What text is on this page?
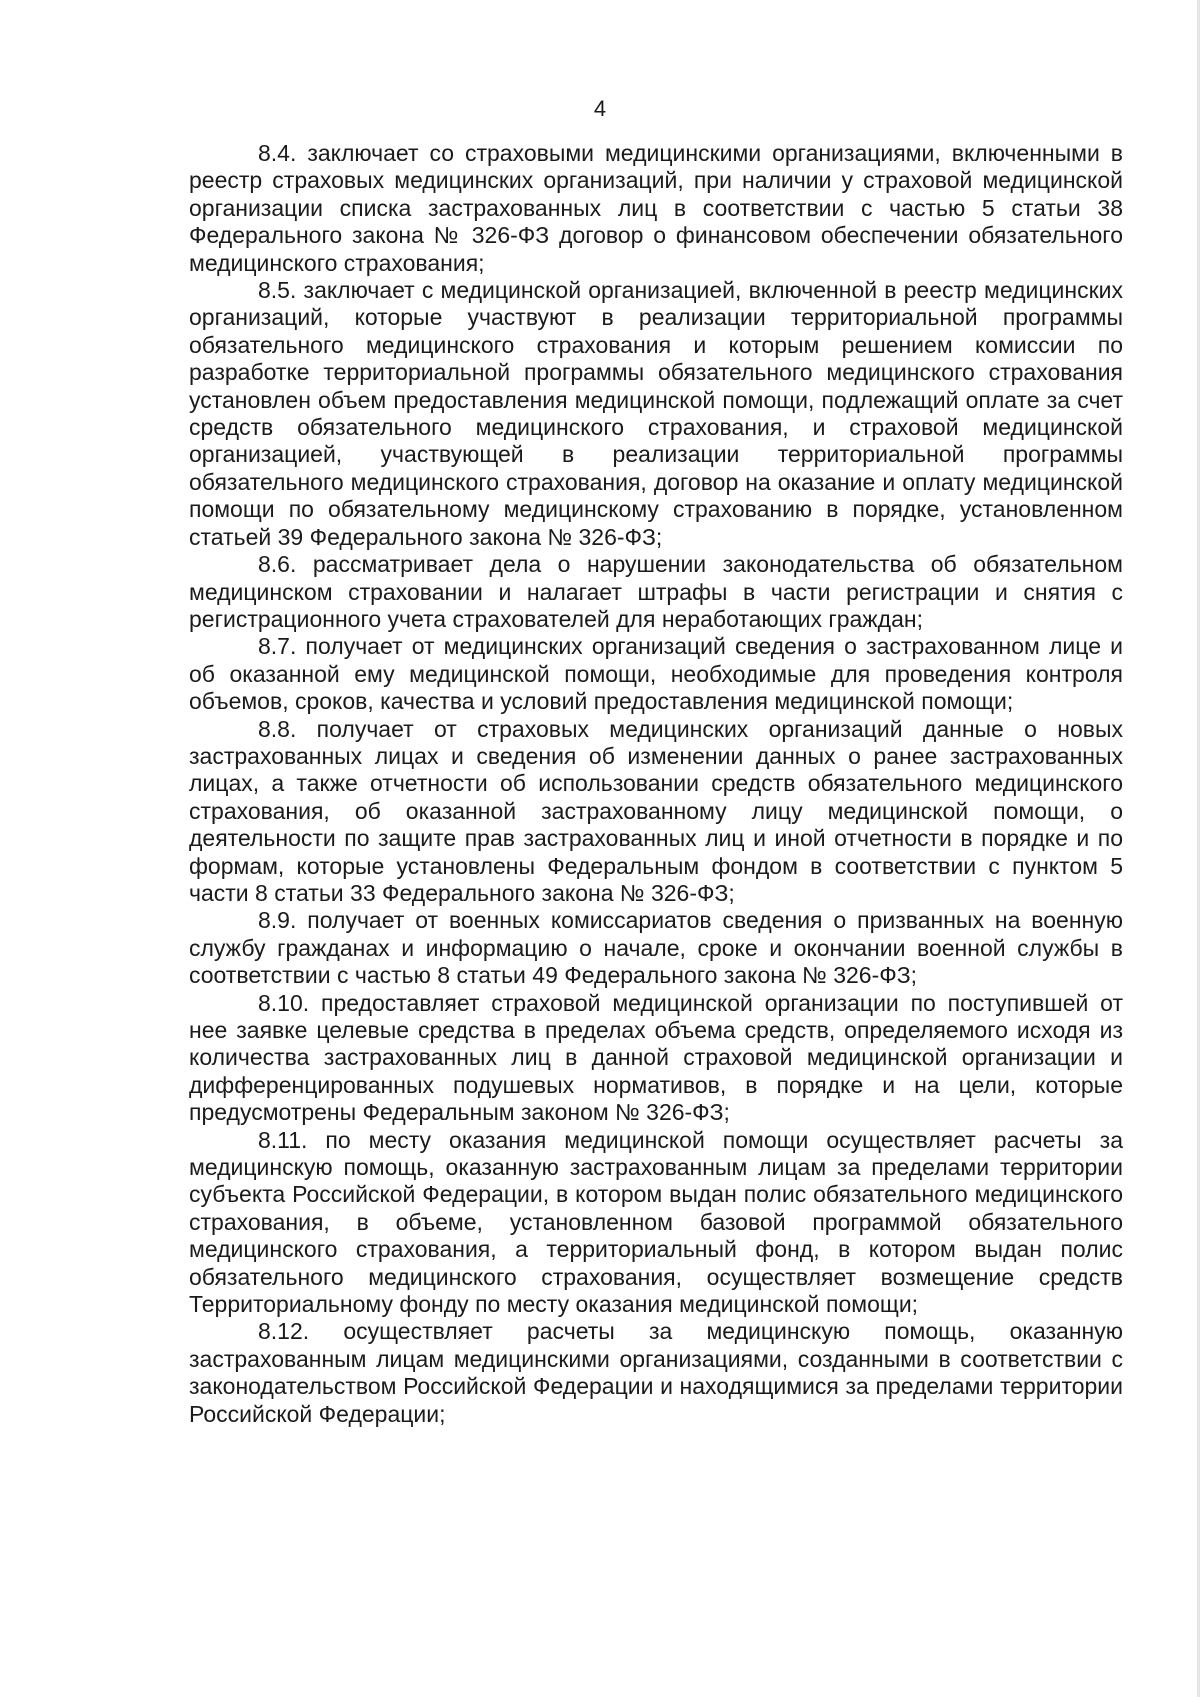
4

8.4. заключает со страховыми медицинскими организациями, включенными в реестр страховых медицинских организаций, при наличии у страховой медицинской организации списка застрахованных лиц в соответствии с частью 5 статьи 38 Федерального закона № 326-ФЗ договор о финансовом обеспечении обязательного медицинского страхования;

8.5. заключает с медицинской организацией, включенной в реестр медицинских организаций, которые участвуют в реализации территориальной программы обязательного медицинского страхования и которым решением комиссии по разработке территориальной программы обязательного медицинского страхования установлен объем предоставления медицинской помощи, подлежащий оплате за счет средств обязательного медицинского страхования, и страховой медицинской организацией, участвующей в реализации территориальной программы обязательного медицинского страхования, договор на оказание и оплату медицинской помощи по обязательному медицинскому страхованию в порядке, установленном статьей 39 Федерального закона № 326-ФЗ;

8.6. рассматривает дела о нарушении законодательства об обязательном медицинском страховании и налагает штрафы в части регистрации и снятия с регистрационного учета страхователей для неработающих граждан;

8.7. получает от медицинских организаций сведения о застрахованном лице и об оказанной ему медицинской помощи, необходимые для проведения контроля объемов, сроков, качества и условий предоставления медицинской помощи;

8.8. получает от страховых медицинских организаций данные о новых застрахованных лицах и сведения об изменении данных о ранее застрахованных лицах, а также отчетности об использовании средств обязательного медицинского страхования, об оказанной застрахованному лицу медицинской помощи, о деятельности по защите прав застрахованных лиц и иной отчетности в порядке и по формам, которые установлены Федеральным фондом в соответствии с пунктом 5 части 8 статьи 33 Федерального закона № 326-ФЗ;

8.9. получает от военных комиссариатов сведения о призванных на военную службу гражданах и информацию о начале, сроке и окончании военной службы в соответствии с частью 8 статьи 49 Федерального закона № 326-ФЗ;

8.10. предоставляет страховой медицинской организации по поступившей от нее заявке целевые средства в пределах объема средств, определяемого исходя из количества застрахованных лиц в данной страховой медицинской организации и дифференцированных подушевых нормативов, в порядке и на цели, которые предусмотрены Федеральным законом № 326-ФЗ;

8.11. по месту оказания медицинской помощи осуществляет расчеты за медицинскую помощь, оказанную застрахованным лицам за пределами территории субъекта Российской Федерации, в котором выдан полис обязательного медицинского страхования, в объеме, установленном базовой программой обязательного медицинского страхования, а территориальный фонд, в котором выдан полис обязательного медицинского страхования, осуществляет возмещение средств Территориальному фонду по месту оказания медицинской помощи;

8.12. осуществляет расчеты за медицинскую помощь, оказанную застрахованным лицам медицинскими организациями, созданными в соответствии с законодательством Российской Федерации и находящимися за пределами территории Российской Федерации;
